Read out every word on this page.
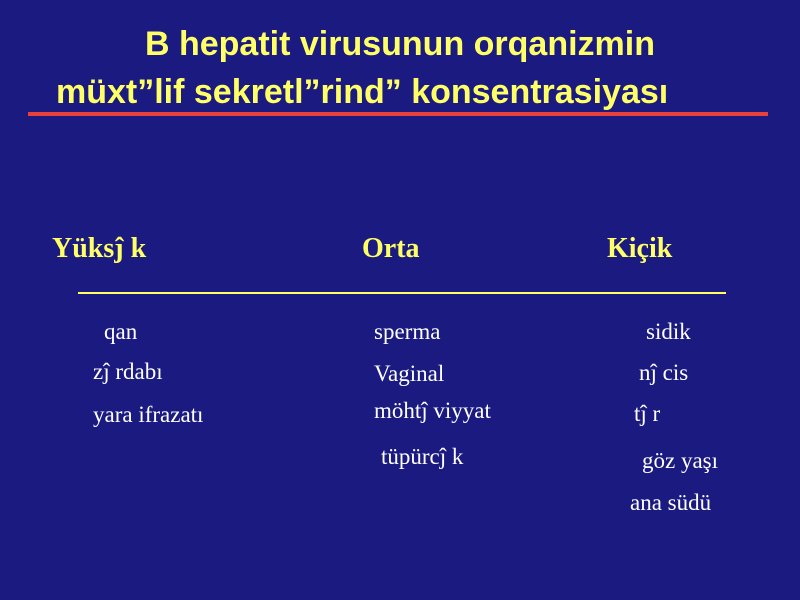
B hepatit virusunun orqanizmin
müxt”lif sekretl”rind” konsentrasiyası
Yüksĵ k	Orta	Kiçik
qan
zĵ rdabı
yara ifrazatı
sperma
Vaginal
möhtĵ viyyat
tüpürcĵ k
sidik
nĵ cis
tĵ r
göz yaşı
ana südü
